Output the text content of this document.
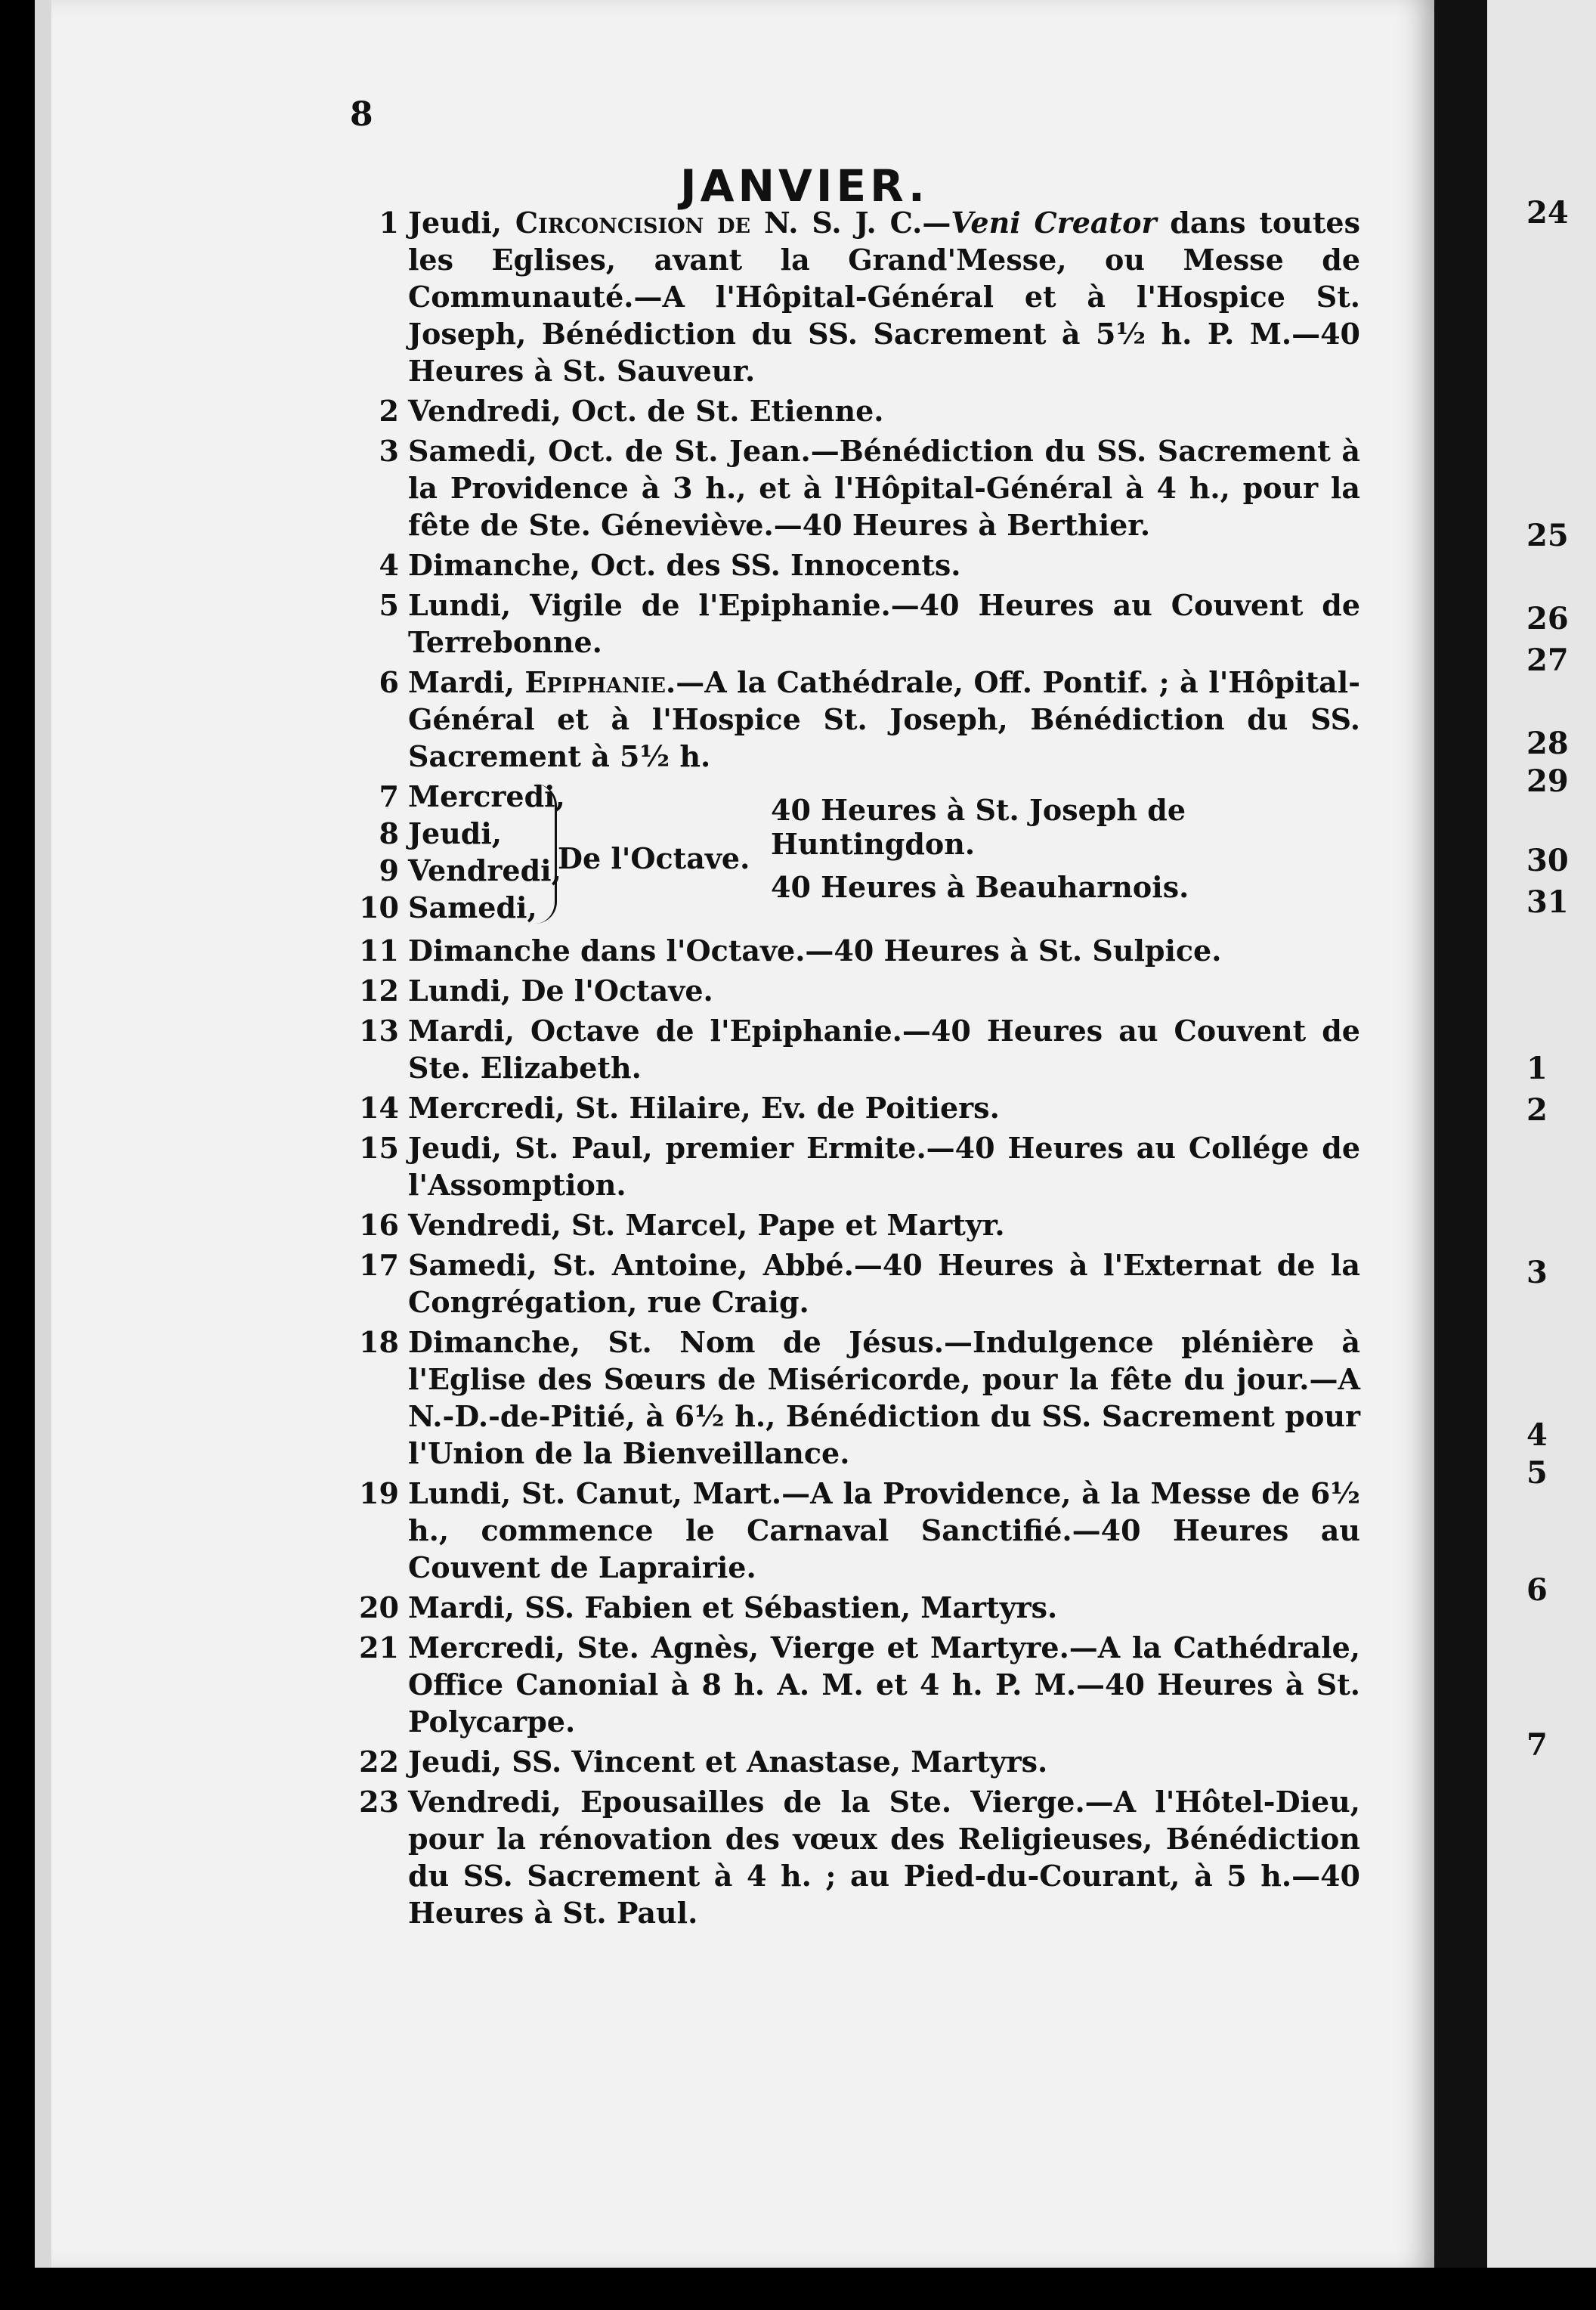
8
JANVIER.
1 Jeudi, Circoncision de N. S. J. C.—Veni Creator dans toutes les Eglises, avant la Grand'Messe, ou Messe de Communauté.—A l'Hôpital-Général et à l'Hospice St. Joseph, Bénédiction du SS. Sacrement à 5½ h. P. M.—40 Heures à St. Sauveur.
2 Vendredi, Oct. de St. Etienne.
3 Samedi, Oct. de St. Jean.—Bénédiction du SS. Sacrement à la Providence à 3 h., et à l'Hôpital-Général à 4 h., pour la fête de Ste. Géneviève.—40 Heures à Berthier.
4 Dimanche, Oct. des SS. Innocents.
5 Lundi, Vigile de l'Epiphanie.—40 Heures au Couvent de Terrebonne.
6 Mardi, Epiphanie.—A la Cathédrale, Off. Pontif. ; à l'Hôpital-Général et à l'Hospice St. Joseph, Bénédiction du SS. Sacrement à 5½ h.
7 Mercredi,
8 Jeudi,
9 Vendredi,
10 Samedi,
De l'Octave.
40 Heures à St. Joseph de Huntingdon.
40 Heures à Beauharnois.
11 Dimanche dans l'Octave.—40 Heures à St. Sulpice.
12 Lundi, De l'Octave.
13 Mardi, Octave de l'Epiphanie.—40 Heures au Couvent de Ste. Elizabeth.
14 Mercredi, St. Hilaire, Ev. de Poitiers.
15 Jeudi, St. Paul, premier Ermite.—40 Heures au Collége de l'Assomption.
16 Vendredi, St. Marcel, Pape et Martyr.
17 Samedi, St. Antoine, Abbé.—40 Heures à l'Externat de la Congrégation, rue Craig.
18 Dimanche, St. Nom de Jésus.—Indulgence plénière à l'Eglise des Sœurs de Miséricorde, pour la fête du jour.—A N.-D.-de-Pitié, à 6½ h., Bénédiction du SS. Sacrement pour l'Union de la Bienveillance.
19 Lundi, St. Canut, Mart.—A la Providence, à la Messe de 6½ h., commence le Carnaval Sanctifié.—40 Heures au Couvent de Laprairie.
20 Mardi, SS. Fabien et Sébastien, Martyrs.
21 Mercredi, Ste. Agnès, Vierge et Martyre.—A la Cathédrale, Office Canonial à 8 h. A. M. et 4 h. P. M.—40 Heures à St. Polycarpe.
22 Jeudi, SS. Vincent et Anastase, Martyrs.
23 Vendredi, Epousailles de la Ste. Vierge.—A l'Hôtel-Dieu, pour la rénovation des vœux des Religieuses, Bénédiction du SS. Sacrement à 4 h. ; au Pied-du-Courant, à 5 h.—40 Heures à St. Paul.
24
25
26
27
28
29
30
31
1
2
3
4
5
6
7
